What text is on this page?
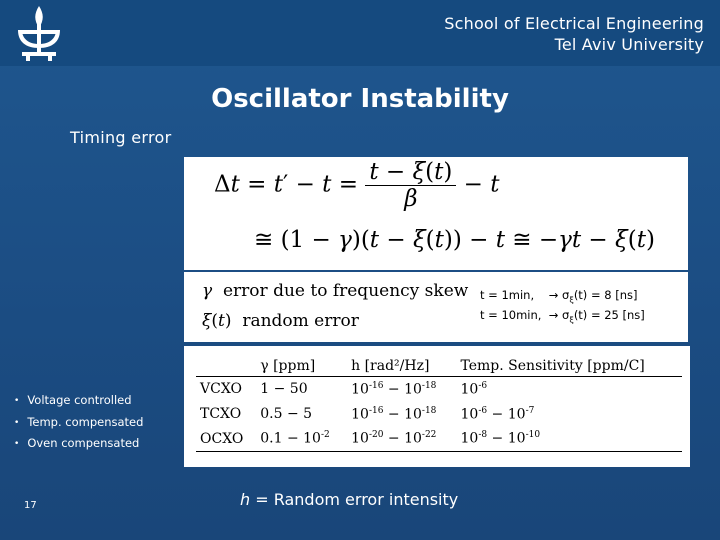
School of Electrical Engineering
Tel Aviv University
Oscillator Instability
Timing error
$\Delta t = t' - t = \frac{t - \xi(t)}{\beta} - t$
≅ (1 − γ)(t − ξ(t)) − t ≅ −γt − ξ(t)
γ error due to frequency skew
ξ(t)  random error
t = 1min, → $\sigma_\xi(t) = 8$ [ns]
t = 10min, → $\sigma_\xi(t) = 25$ [ns]
	γ [ppm]	h [rad²/Hz]	Temp. Sensitivity [ppm/C]
VCXO	1 − 50	$10^{-16} - 10^{-18}$	$10^{-6}$
TCXO	0.5 − 5	$10^{-16} - 10^{-18}$	$10^{-6} - 10^{-7}$
OCXO	$0.1 - 10^{-2}$	$10^{-20} - 10^{-22}$	$10^{-8} - 10^{-10}$
• Voltage controlled
• Temp. compensated
• Oven compensated
h = Random error intensity
17
